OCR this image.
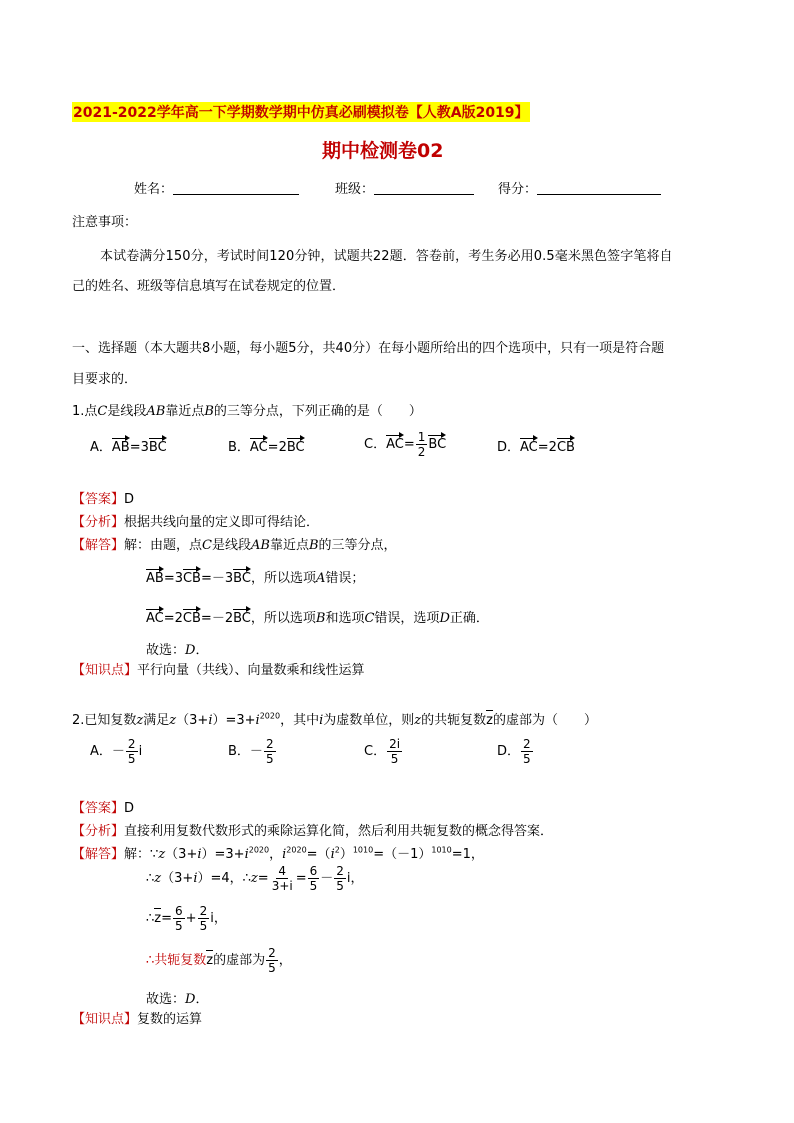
2021-2022学年高一下学期数学期中仿真必刷模拟卷【人教A版2019】
期中检测卷02
姓名：	班级：	得分：
注意事项：
本试卷满分150分，考试时间120分钟，试题共22题．答卷前，考生务必用0.5毫米黑色签字笔将自
己的姓名、班级等信息填写在试卷规定的位置．
一、选择题（本大题共8小题，每小题5分，共40分）在每小题所给出的四个选项中，只有一项是符合题
目要求的．
1.点C是线段AB靠近点B的三等分点，下列正确的是（　　）
A．AB=3BC	B．AC=2BC	C．$AC= \frac{1}{2}$ BC	D．AC=2CB
【答案】D
【分析】根据共线向量的定义即可得结论．
【解答】解：由题，点C是线段AB靠近点B的三等分点，
AB=3CB=－3BC，所以选项A错误；
AC=2CB=－2BC，所以选项B和选项C错误，选项D正确．
故选：D．
【知识点】平行向量（共线）、向量数乘和线性运算
2.已知复数z满足$z(3+i)=3+i^{2020}$，其中i为虚数单位，则z的共轭复数z的虚部为（　　）
A．－ $\frac{2}{5}$ i	B．－ $\frac{2}{5}$	C． $\frac{2i}{5}$	D． $\frac{2}{5}$
【答案】D
【分析】直接利用复数代数形式的乘除运算化简，然后利用共轭复数的概念得答案．
【解答】解：$\because z(3+i)=3+i^{2020}$，$i^{2020}=(i^2)^{1010}=(-1)^{1010}=1$，
∴z（3+i）=4，∴z= $\frac{4}{3+i} = \frac{6}{5} - \frac{2}{5}$ i，
∴z= $\frac{6}{5} + \frac{2}{5}$ i，
∴共轭复数z的虚部为 $\frac{2}{5}$ ，
故选：D．
【知识点】复数的运算
